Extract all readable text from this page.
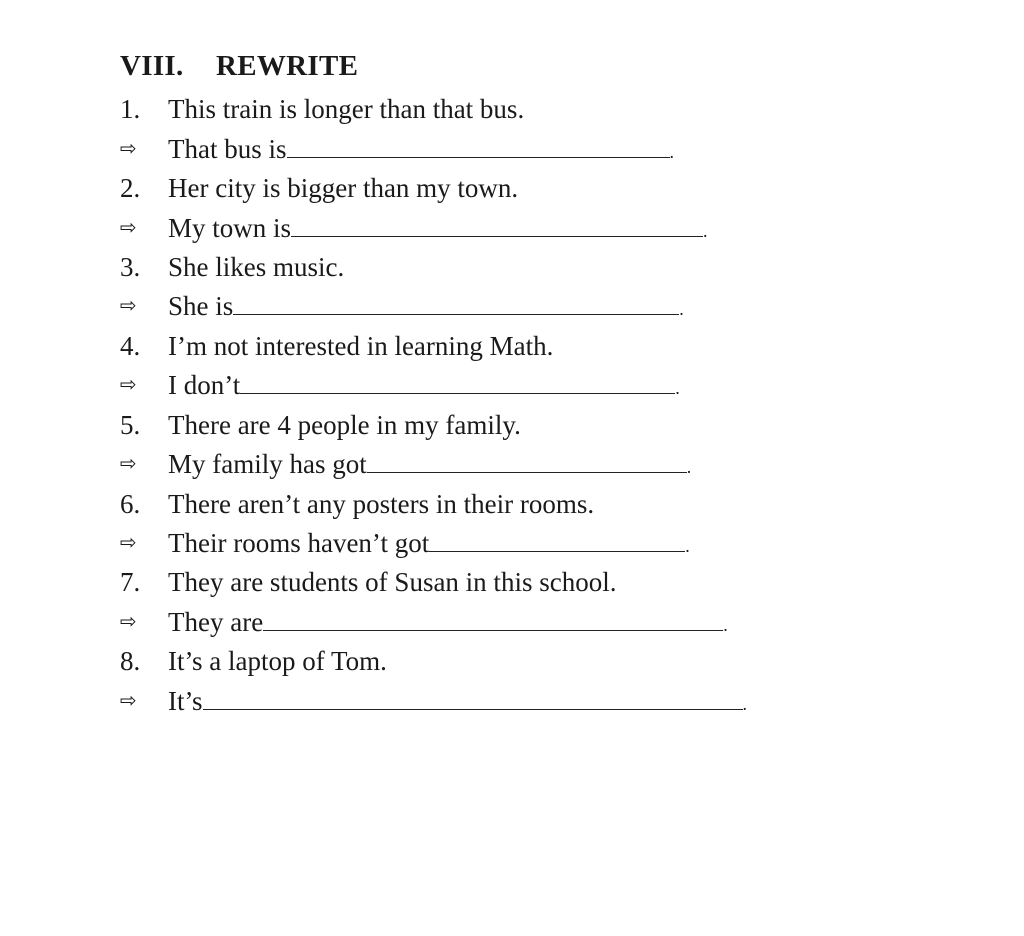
VIII. REWRITE
1. This train is longer than that bus.
⇨ That bus is	.
2. Her city is bigger than my town.
⇨ My town is	.
3. She likes music.
⇨ She is	.
4. I’m not interested in learning Math.
⇨ I don’t	.
5. There are 4 people in my family.
⇨ My family has got	.
6. There aren’t any posters in their rooms.
⇨ Their rooms haven’t got	.
7. They are students of Susan in this school.
⇨ They are	.
8. It’s a laptop of Tom.
⇨ It’s	.
